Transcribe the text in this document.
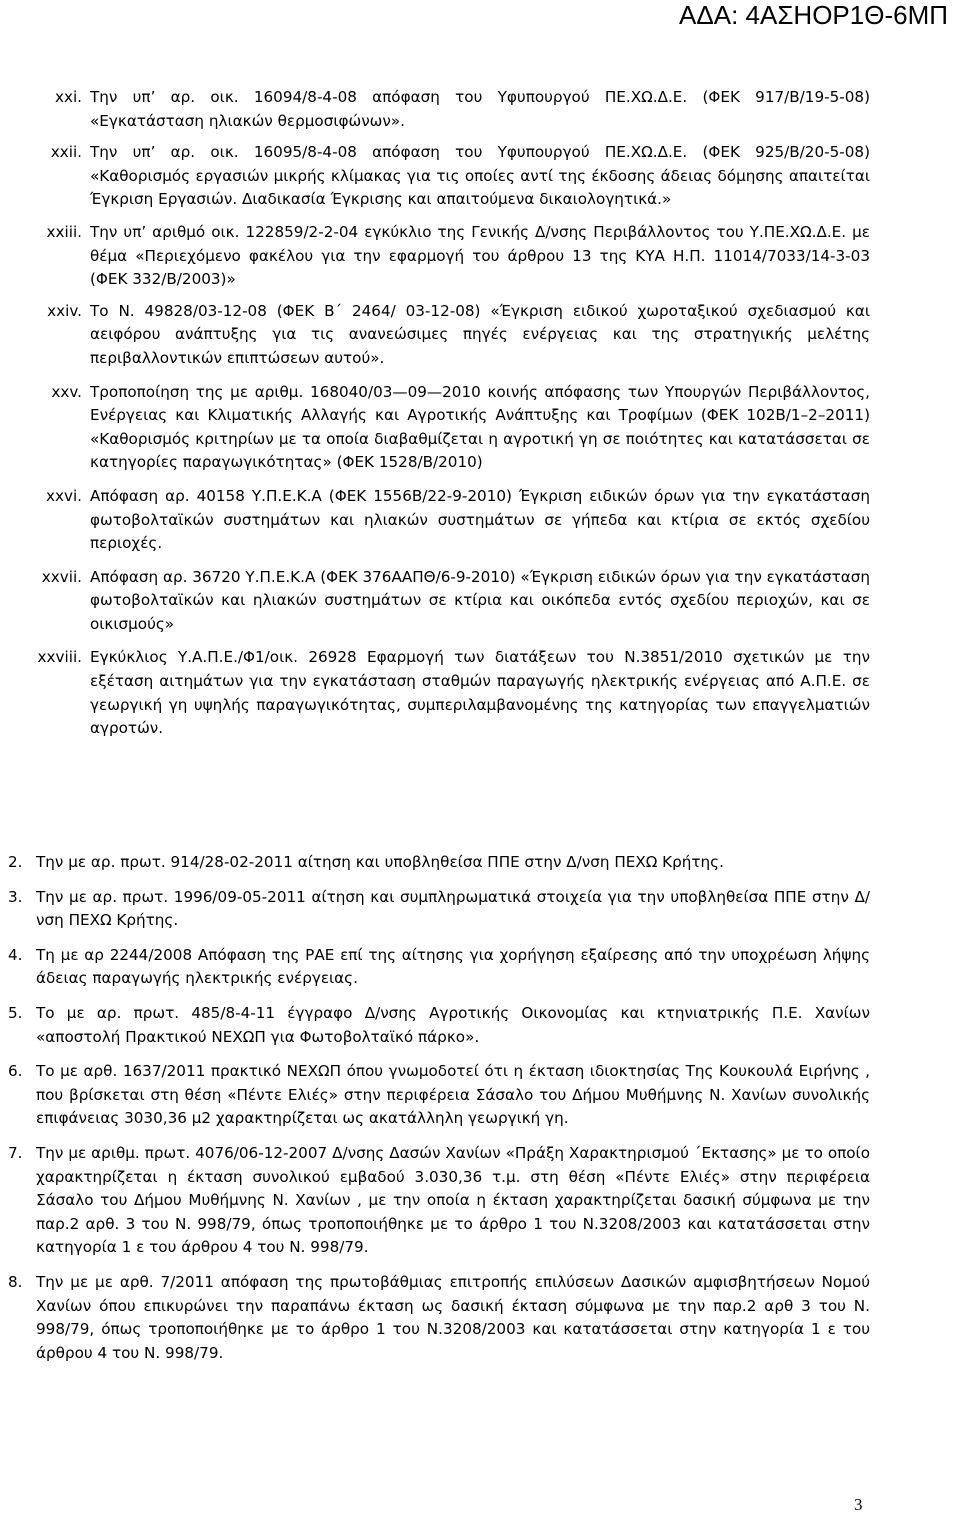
ΑΔΑ: 4ΑΣΗΟΡ1Θ-6ΜΠ
xxi. Την υπ’ αρ. οικ. 16094/8-4-08 απόφαση του Υφυπουργού ΠΕ.ΧΩ.Δ.Ε. (ΦΕΚ 917/Β/19-5-08) «Εγκατάσταση ηλιακών θερμοσιφώνων».
xxii. Την υπ’ αρ. οικ. 16095/8-4-08 απόφαση του Υφυπουργού ΠΕ.ΧΩ.Δ.Ε. (ΦΕΚ 925/Β/20-5-08) «Καθορισμός εργασιών μικρής κλίμακας για τις οποίες αντί της έκδοσης άδειας δόμησης απαιτείται Έγκριση Εργασιών. Διαδικασία Έγκρισης και απαιτούμενα δικαιολογητικά.»
xxiii. Την υπ’ αριθμό οικ. 122859/2-2-04 εγκύκλιο της Γενικής Δ/νσης Περιβάλλοντος του Υ.ΠΕ.ΧΩ.Δ.Ε. με θέμα «Περιεχόμενο φακέλου για την εφαρμογή του άρθρου 13 της ΚΥΑ Η.Π. 11014/7033/14-3-03 (ΦΕΚ 332/Β/2003)»
xxiv. Το Ν. 49828/03-12-08 (ΦΕΚ Β΄ 2464/ 03-12-08) «Έγκριση ειδικού χωροταξικού σχεδιασμού και αειφόρου ανάπτυξης για τις ανανεώσιμες πηγές ενέργειας και της στρατηγικής μελέτης περιβαλλοντικών επιπτώσεων αυτού».
xxv. Τροποποίηση της με αριθμ. 168040/03—09—2010 κοινής απόφασης των Υπουργών Περιβάλλοντος, Ενέργειας και Κλιματικής Αλλαγής και Αγροτικής Ανάπτυξης και Τροφίμων (ΦΕΚ 102Β/1–2–2011) «Καθορισμός κριτηρίων με τα οποία διαβαθμίζεται η αγροτική γη σε ποιότητες και κατατάσσεται σε κατηγορίες παραγωγικότητας» (ΦΕΚ 1528/Β/2010)
xxvi. Απόφαση αρ. 40158 Υ.Π.Ε.Κ.Α (ΦΕΚ 1556Β/22-9-2010) Έγκριση ειδικών όρων για την εγκατάσταση φωτοβολταϊκών συστημάτων και ηλιακών συστημάτων σε γήπεδα και κτίρια σε εκτός σχεδίου περιοχές.
xxvii. Απόφαση αρ. 36720 Υ.Π.Ε.Κ.Α (ΦΕΚ 376ΑΑΠΘ/6-9-2010) «Έγκριση ειδικών όρων για την εγκατάσταση φωτοβολταϊκών και ηλιακών συστημάτων σε κτίρια και οικόπεδα εντός σχεδίου περιοχών, και σε οικισμούς»
xxviii. Εγκύκλιος Υ.Α.Π.Ε./Φ1/οικ. 26928 Εφαρμογή των διατάξεων του Ν.3851/2010 σχετικών με την εξέταση αιτημάτων για την εγκατάσταση σταθμών παραγωγής ηλεκτρικής ενέργειας από Α.Π.Ε. σε γεωργική γη υψηλής παραγωγικότητας, συμπεριλαμβανομένης της κατηγορίας των επαγγελματιών αγροτών.
2. Την με αρ. πρωτ. 914/28-02-2011 αίτηση και υποβληθείσα ΠΠΕ στην Δ/νση ΠΕΧΩ Κρήτης.
3. Την με αρ. πρωτ. 1996/09-05-2011 αίτηση και συμπληρωματικά στοιχεία για την υποβληθείσα ΠΠΕ στην Δ/νση ΠΕΧΩ Κρήτης.
4. Τη με αρ 2244/2008 Απόφαση της ΡΑΕ επί της αίτησης για χορήγηση εξαίρεσης από την υποχρέωση λήψης άδειας παραγωγής ηλεκτρικής ενέργειας.
5. Το με αρ. πρωτ. 485/8-4-11 έγγραφο Δ/νσης Αγροτικής Οικονομίας και κτηνιατρικής Π.Ε. Χανίων «αποστολή Πρακτικού ΝΕΧΩΠ για Φωτοβολταϊκό πάρκο».
6. Το με αρθ. 1637/2011 πρακτικό ΝΕΧΩΠ όπου γνωμοδοτεί ότι η έκταση ιδιοκτησίας Της Κουκουλά Ειρήνης , που βρίσκεται στη θέση «Πέντε Ελιές» στην περιφέρεια Σάσαλο του Δήμου Μυθήμνης Ν. Χανίων συνολικής επιφάνειας 3030,36 μ2 χαρακτηρίζεται ως ακατάλληλη γεωργική γη.
7. Την με αριθμ. πρωτ. 4076/06-12-2007 Δ/νσης Δασών Χανίων «Πράξη Χαρακτηρισμού ΄Εκτασης» με το οποίο χαρακτηρίζεται η έκταση συνολικού εμβαδού 3.030,36 τ.μ. στη θέση «Πέντε Ελιές» στην περιφέρεια Σάσαλο του Δήμου Μυθήμνης Ν. Χανίων , με την οποία η έκταση χαρακτηρίζεται δασική σύμφωνα με την παρ.2 αρθ. 3 του Ν. 998/79, όπως τροποποιήθηκε με το άρθρο 1 του Ν.3208/2003 και κατατάσσεται στην κατηγορία 1 ε του άρθρου 4 του Ν. 998/79.
8. Την με με αρθ. 7/2011 απόφαση της πρωτοβάθμιας επιτροπής επιλύσεων Δασικών αμφισβητήσεων Νομού Χανίων όπου επικυρώνει την παραπάνω έκταση ως δασική έκταση σύμφωνα με την παρ.2 αρθ 3 του Ν. 998/79, όπως τροποποιήθηκε με το άρθρο 1 του Ν.3208/2003 και κατατάσσεται στην κατηγορία 1 ε του άρθρου 4 του Ν. 998/79.
3
